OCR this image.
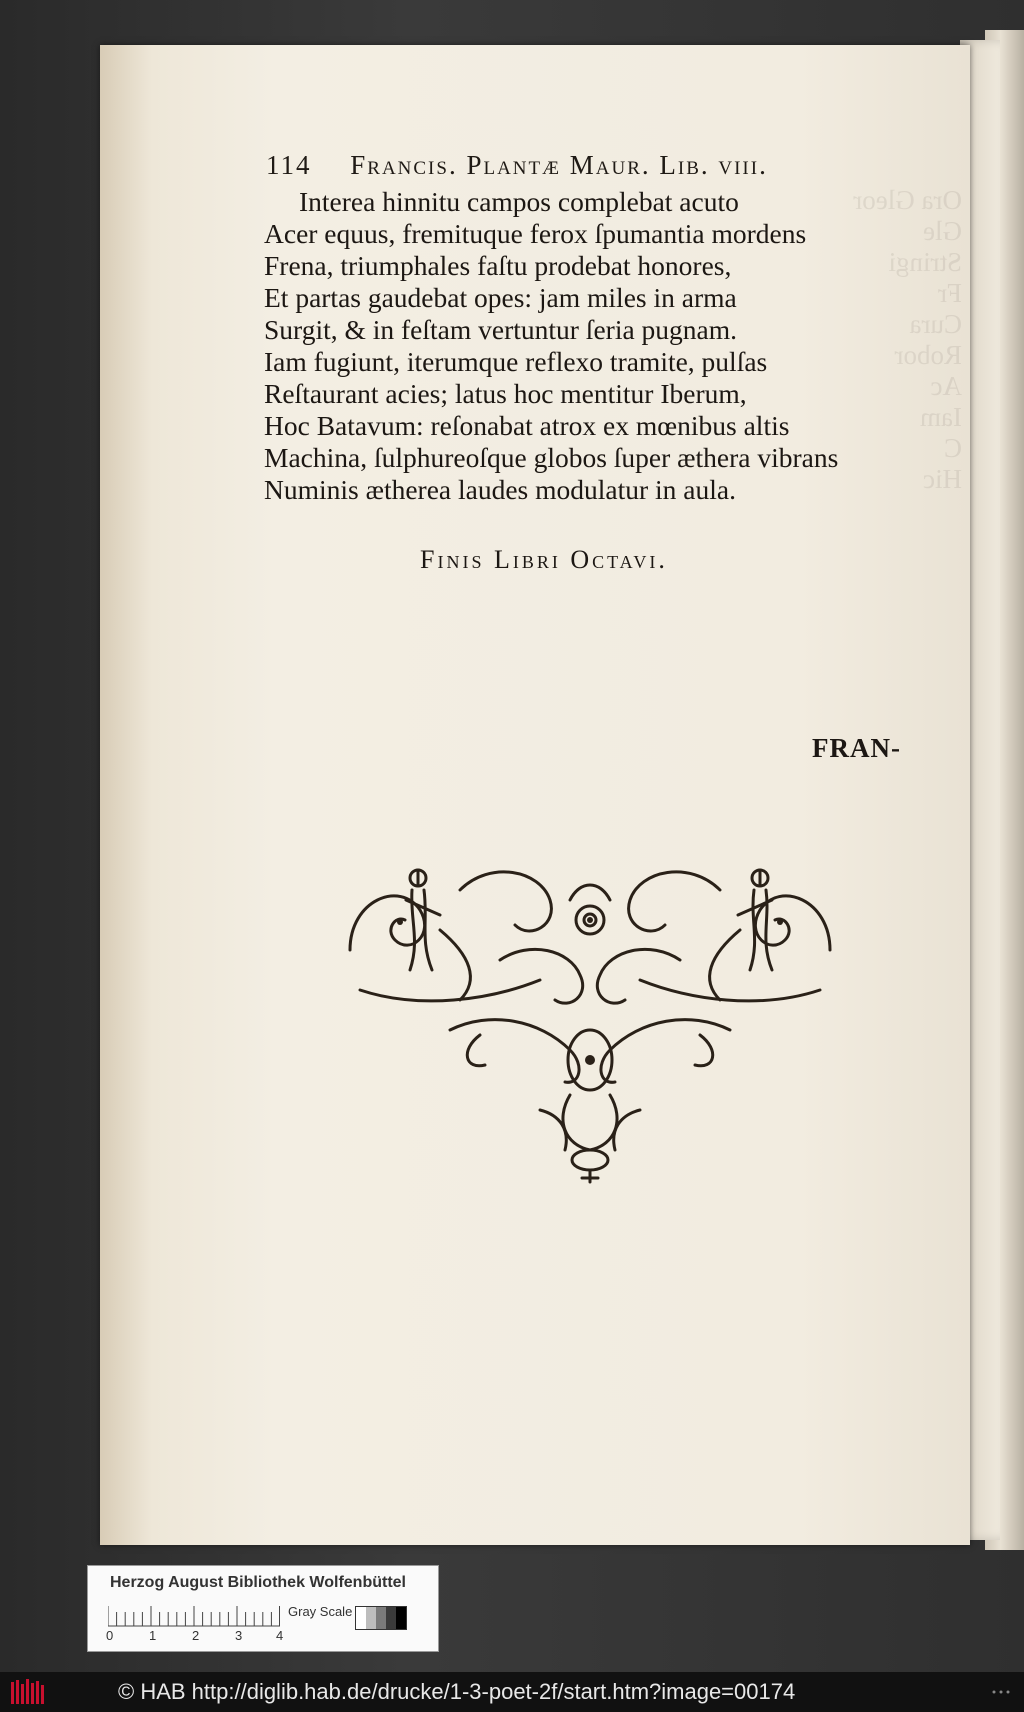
Ora Gleor
Gle
Stringi
Fr
Cura
Robor
Ac
Iam
C
Hic
114 Francis. Plantæ Maur. Lib. viii.
Interea hinnitu campos complebat acuto
Acer equus, fremituque ferox ſpumantia mordens
Frena, triumphales faſtu prodebat honores,
Et partas gaudebat opes: jam miles in arma
Surgit, & in feſtam vertuntur ſeria pugnam.
Iam fugiunt, iterumque reflexo tramite, pulſas
Reſtaurant acies; latus hoc mentitur Iberum,
Hoc Batavum: reſonabat atrox ex mœnibus altis
Machina, ſulphureoſque globos ſuper æthera vibrans
Numinis ætherea laudes modulatur in aula.
Finis Libri Octavi.
FRAN-
Herzog August Bibliothek Wolfenbüttel
0	1	2	3	4
Gray Scale
© HAB http://diglib.hab.de/drucke/1-3-poet-2f/start.htm?image=00174
